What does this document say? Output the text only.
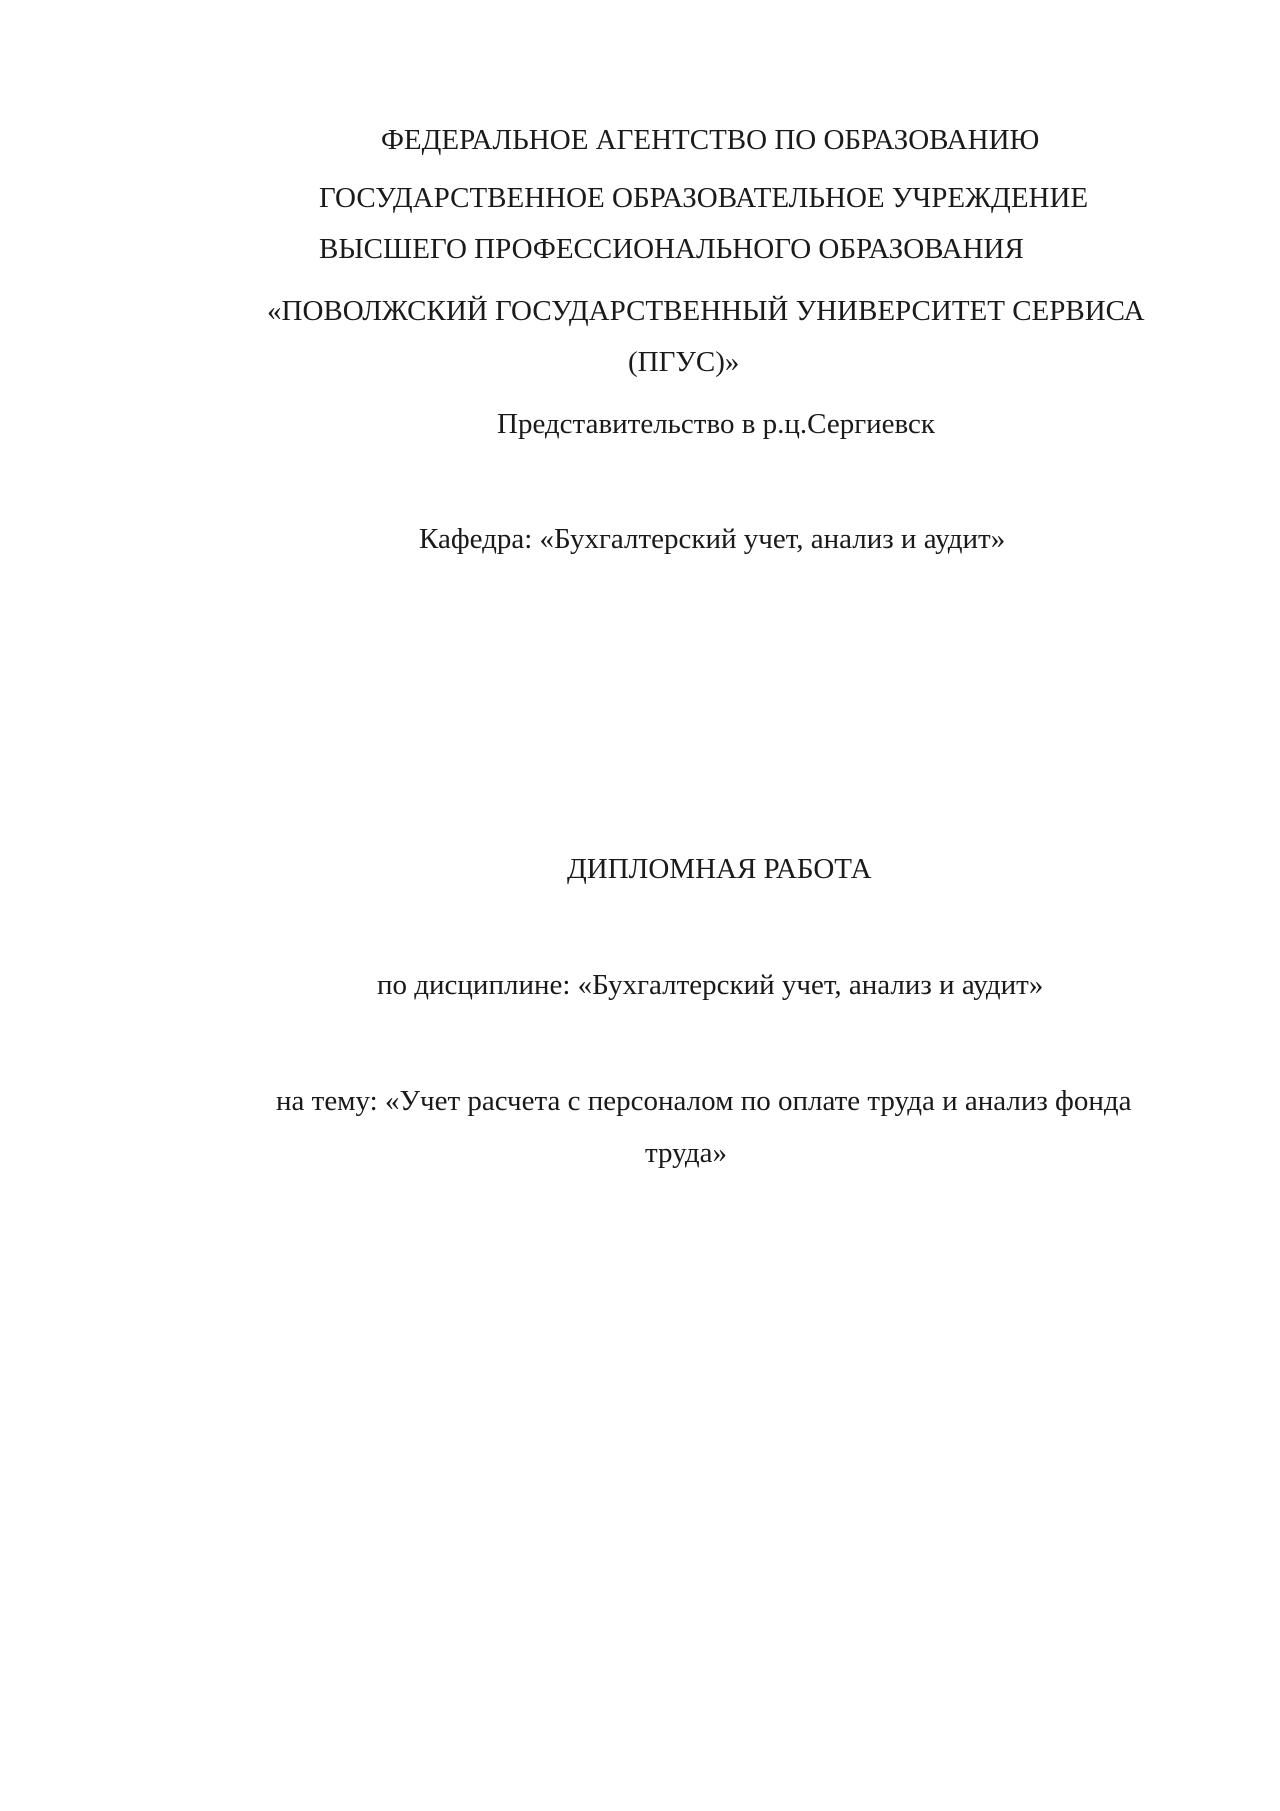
ФЕДЕРАЛЬНОЕ АГЕНТСТВО ПО ОБРАЗОВАНИЮ
ГОСУДАРСТВЕННОЕ ОБРАЗОВАТЕЛЬНОЕ УЧРЕЖДЕНИЕ
ВЫСШЕГО ПРОФЕССИОНАЛЬНОГО ОБРАЗОВАНИЯ
«ПОВОЛЖСКИЙ ГОСУДАРСТВЕННЫЙ УНИВЕРСИТЕТ СЕРВИСА
(ПГУС)»
Представительство в р.ц.Сергиевск
Кафедра: «Бухгалтерский учет, анализ и аудит»
ДИПЛОМНАЯ РАБОТА
по дисциплине: «Бухгалтерский учет, анализ и аудит»
на тему: «Учет расчета с персоналом по оплате труда и анализ фонда
труда»
